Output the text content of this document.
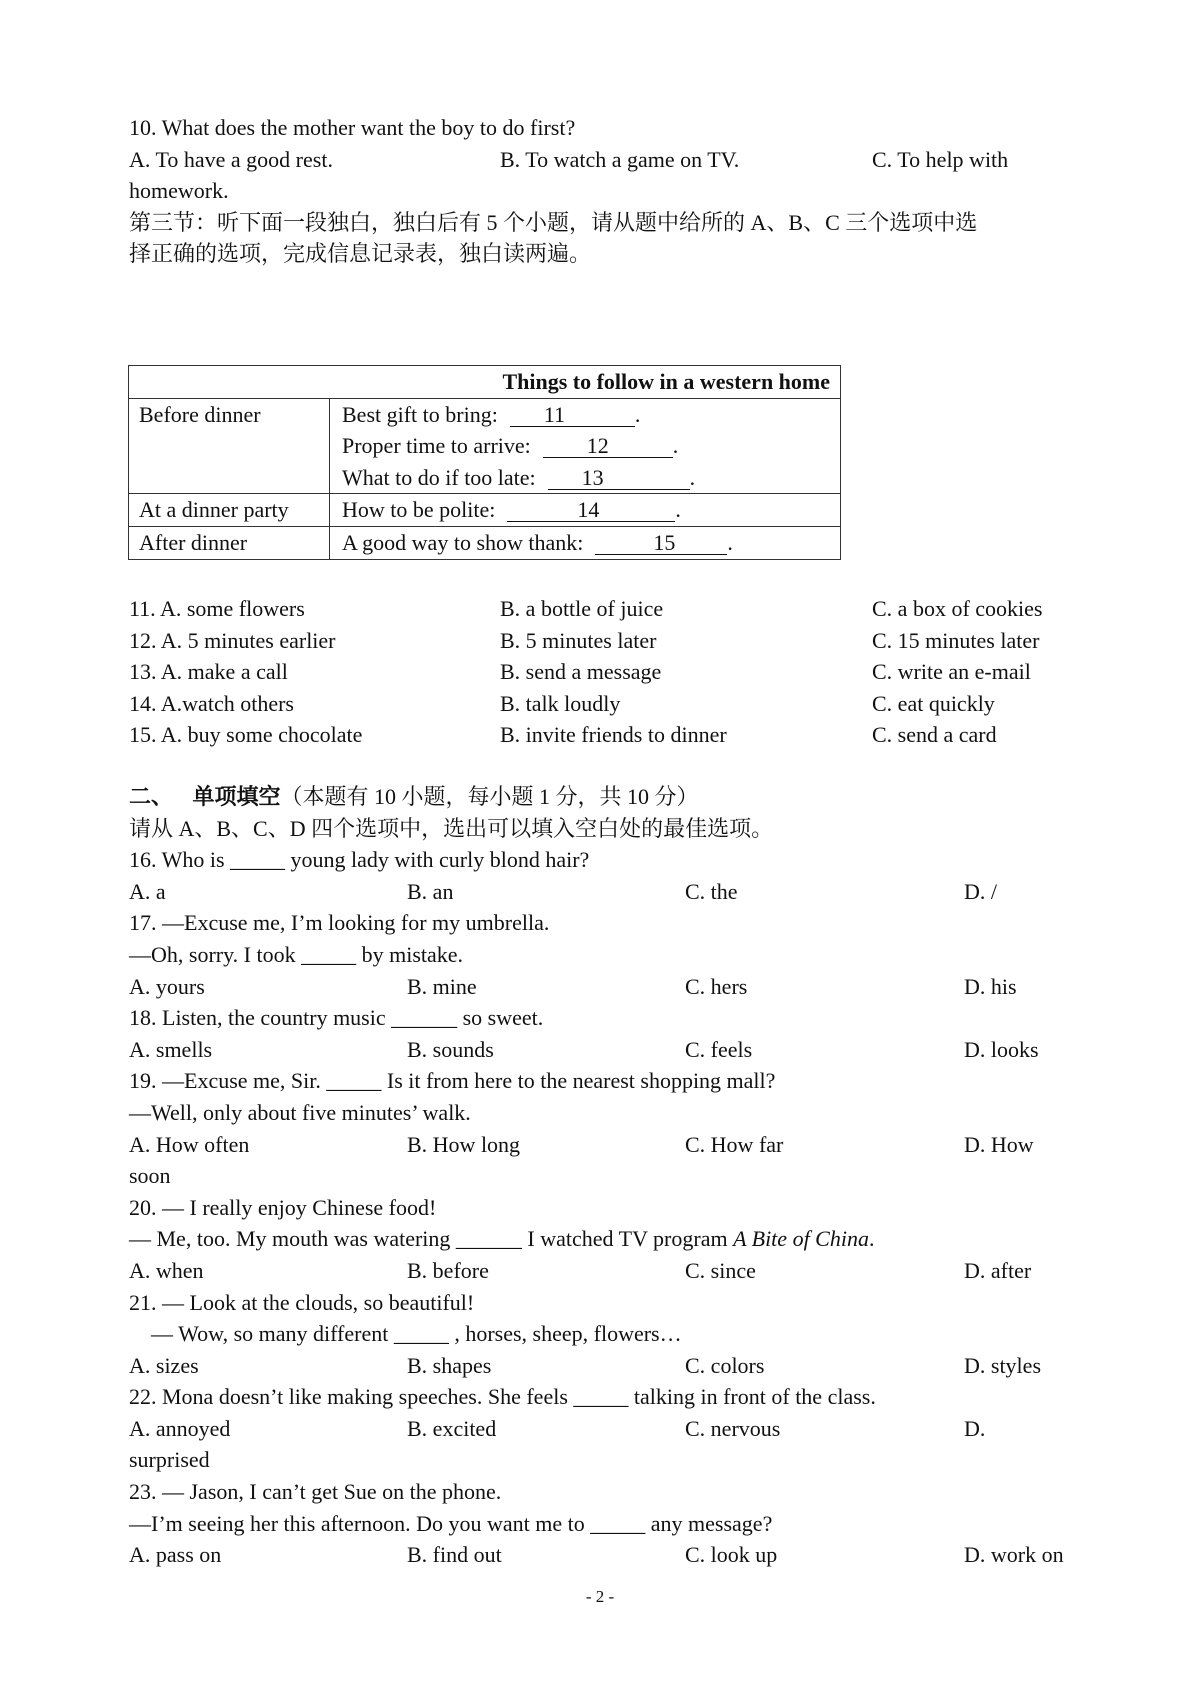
10. What does the mother want the boy to do first?
A. To have a good rest.	B. To watch a game on TV.	C. To help with
homework.
第三节：听下面一段独白，独白后有 5 个小题，请从题中给所的 A、B、C 三个选项中选
择正确的选项，完成信息记录表，独白读两遍。
Things to follow in a western home	
Before dinner	Best gift to bring: 11 .
Proper time to arrive: 12 .
What to do if too late: 13 .

At a dinner party	How to be polite: 14 .

After dinner	A good way to show thank: 15 .
11. A. some flowers	B. a bottle of juice	C. a box of cookies
12. A. 5 minutes earlier	B. 5 minutes later	C. 15 minutes later
13. A. make a call	B. send a message	C. write an e-mail
14. A.watch others	B. talk loudly	C. eat quickly
15. A. buy some chocolate	B. invite friends to dinner	C. send a card
二、 单项填空（本题有 10 小题，每小题 1 分，共 10 分）
请从 A、B、C、D 四个选项中，选出可以填入空白处的最佳选项。
16. Who is _____ young lady with curly blond hair?
A. a	B. an	C. the	D. /
17. —Excuse me, I’m looking for my umbrella.
—Oh, sorry. I took _____ by mistake.
A. yours	B. mine	C. hers	D. his
18. Listen, the country music ______ so sweet.
A. smells	B. sounds	C. feels	D. looks
19. —Excuse me, Sir. _____ Is it from here to the nearest shopping mall?
—Well, only about five minutes’ walk.
A. How often	B. How long	C. How far	D. How
soon
20. — I really enjoy Chinese food!
— Me, too. My mouth was watering ______ I watched TV program A Bite of China.
A. when	B. before	C. since	D. after
21. — Look at the clouds, so beautiful!
— Wow, so many different _____ , horses, sheep, flowers…
A. sizes	B. shapes	C. colors	D. styles
22. Mona doesn’t like making speeches. She feels _____ talking in front of the class.
A. annoyed	B. excited	C. nervous	D.
surprised
23. — Jason, I can’t get Sue on the phone.
—I’m seeing her this afternoon. Do you want me to _____ any message?
A. pass on	B. find out	C. look up	D. work on
- 2 -
